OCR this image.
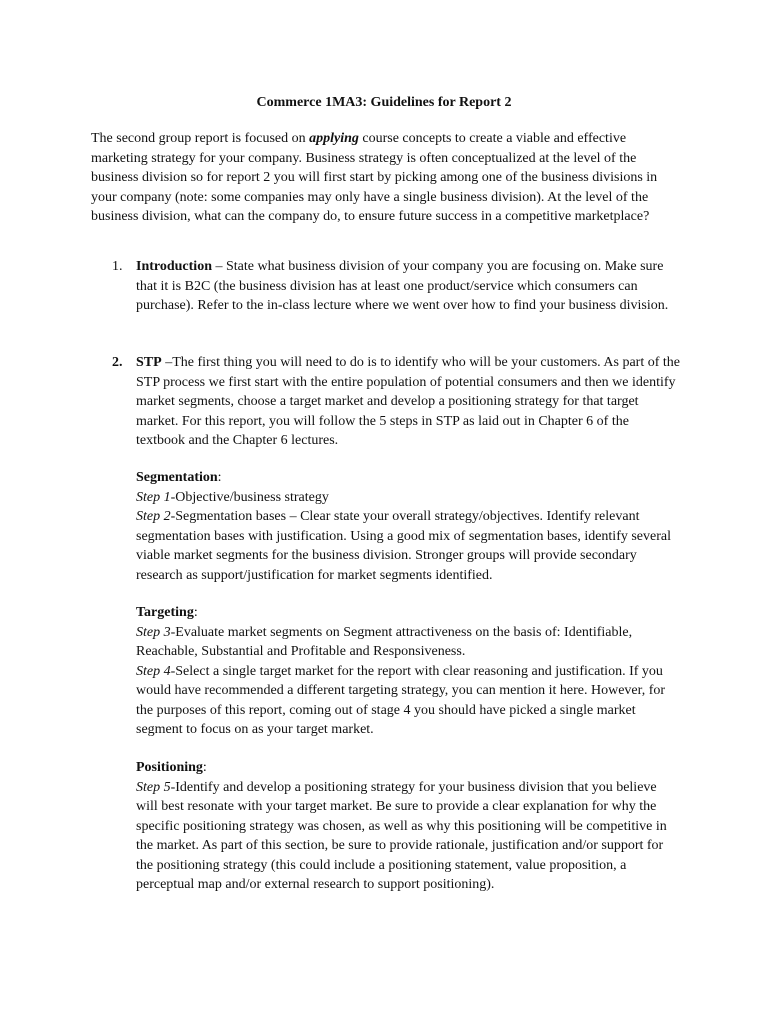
Commerce 1MA3: Guidelines for Report 2

The second group report is focused on applying course concepts to create a viable and effective marketing strategy for your company. Business strategy is often conceptualized at the level of the business division so for report 2 you will first start by picking among one of the business divisions in your company (note: some companies may only have a single business division). At the level of the business division, what can the company do, to ensure future success in a competitive marketplace?

1. Introduction – State what business division of your company you are focusing on. Make sure that it is B2C (the business division has at least one product/service which consumers can purchase). Refer to the in-class lecture where we went over how to find your business division.

2. STP –The first thing you will need to do is to identify who will be your customers. As part of the STP process we first start with the entire population of potential consumers and then we identify market segments, choose a target market and develop a positioning strategy for that target market. For this report, you will follow the 5 steps in STP as laid out in Chapter 6 of the textbook and the Chapter 6 lectures.

Segmentation:

Step 1-Objective/business strategy

Step 2-Segmentation bases – Clear state your overall strategy/objectives. Identify relevant segmentation bases with justification. Using a good mix of segmentation bases, identify several viable market segments for the business division. Stronger groups will provide secondary research as support/justification for market segments identified.

Targeting:

Step 3-Evaluate market segments on Segment attractiveness on the basis of: Identifiable, Reachable, Substantial and Profitable and Responsiveness.

Step 4-Select a single target market for the report with clear reasoning and justification. If you would have recommended a different targeting strategy, you can mention it here. However, for the purposes of this report, coming out of stage 4 you should have picked a single market segment to focus on as your target market.

Positioning:

Step 5-Identify and develop a positioning strategy for your business division that you believe will best resonate with your target market. Be sure to provide a clear explanation for why the specific positioning strategy was chosen, as well as why this positioning will be competitive in the market. As part of this section, be sure to provide rationale, justification and/or support for the positioning strategy (this could include a positioning statement, value proposition, a perceptual map and/or external research to support positioning).
